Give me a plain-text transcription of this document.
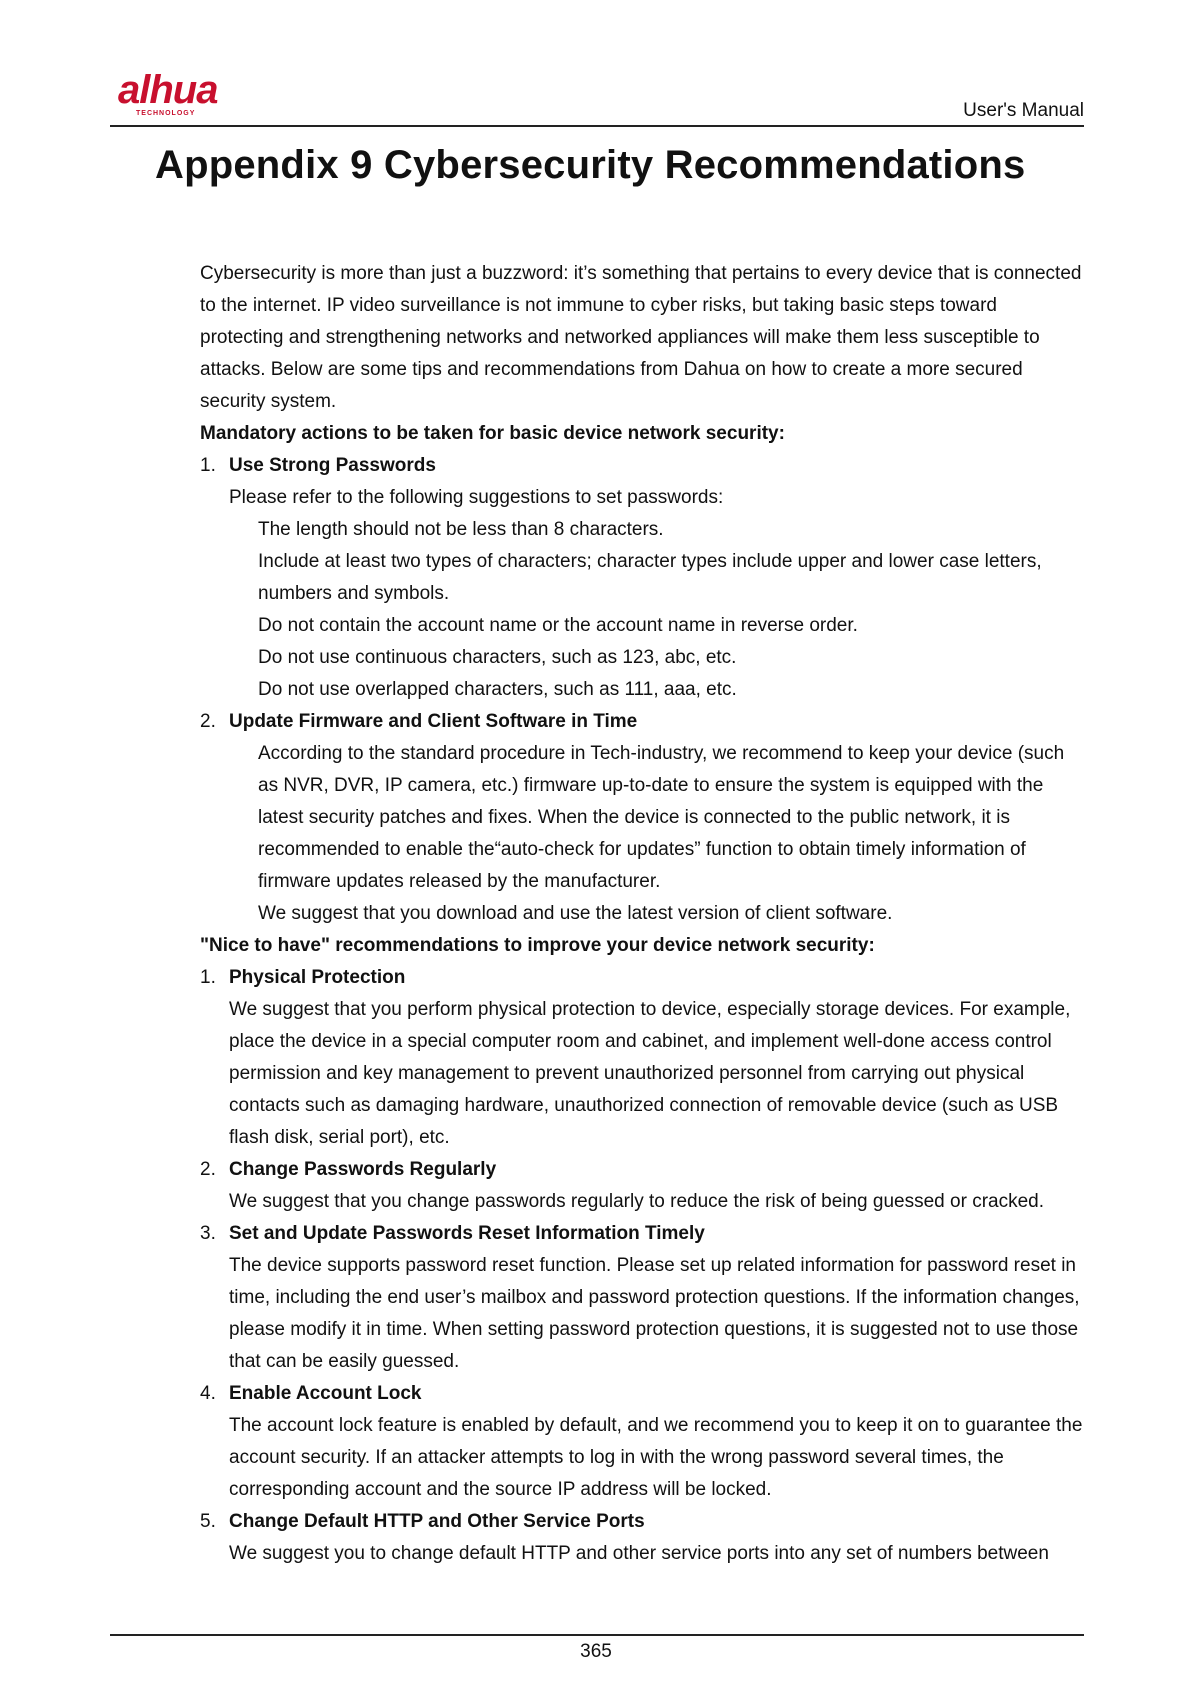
alhua
TECHNOLOGY	User's Manual
Appendix 9 Cybersecurity Recommendations

Cybersecurity is more than just a buzzword: it’s something that pertains to every device that is connected to the internet. IP video surveillance is not immune to cyber risks, but taking basic steps toward protecting and strengthening networks and networked appliances will make them less susceptible to attacks. Below are some tips and recommendations from Dahua on how to create a more secured security system.

Mandatory actions to be taken for basic device network security:

1. Use Strong Passwords

Please refer to the following suggestions to set passwords:

The length should not be less than 8 characters.

Include at least two types of characters; character types include upper and lower case letters, numbers and symbols.

Do not contain the account name or the account name in reverse order.

Do not use continuous characters, such as 123, abc, etc.

Do not use overlapped characters, such as 111, aaa, etc.

2. Update Firmware and Client Software in Time

According to the standard procedure in Tech-industry, we recommend to keep your device (such as NVR, DVR, IP camera, etc.) firmware up-to-date to ensure the system is equipped with the latest security patches and fixes. When the device is connected to the public network, it is recommended to enable the“auto-check for updates” function to obtain timely information of firmware updates released by the manufacturer.

We suggest that you download and use the latest version of client software.

"Nice to have" recommendations to improve your device network security:

1. Physical Protection

We suggest that you perform physical protection to device, especially storage devices. For example, place the device in a special computer room and cabinet, and implement well-done access control permission and key management to prevent unauthorized personnel from carrying out physical contacts such as damaging hardware, unauthorized connection of removable device (such as USB flash disk, serial port), etc.

2. Change Passwords Regularly

We suggest that you change passwords regularly to reduce the risk of being guessed or cracked.

3. Set and Update Passwords Reset Information Timely

The device supports password reset function. Please set up related information for password reset in time, including the end user’s mailbox and password protection questions. If the information changes, please modify it in time. When setting password protection questions, it is suggested not to use those that can be easily guessed.

4. Enable Account Lock

The account lock feature is enabled by default, and we recommend you to keep it on to guarantee the account security. If an attacker attempts to log in with the wrong password several times, the corresponding account and the source IP address will be locked.

5. Change Default HTTP and Other Service Ports

We suggest you to change default HTTP and other service ports into any set of numbers between

365
